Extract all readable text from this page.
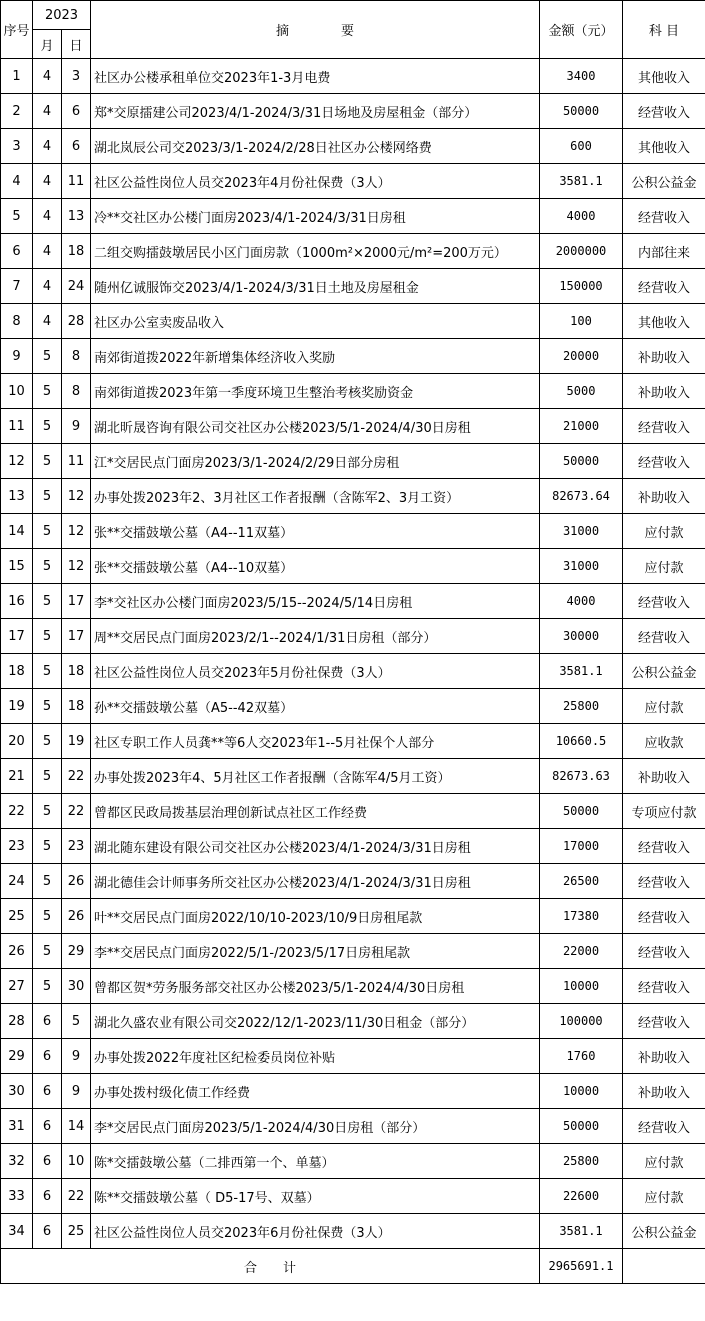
序号	2023		摘　　　　要	金额（元）	科 目
	月	日			
1	4	3	社区办公楼承租单位交2023年1-3月电费	3400	其他收入
2	4	6	郑*交原擂建公司2023/4/1-2024/3/31日场地及房屋租金（部分）	50000	经营收入
3	4	6	湖北岚辰公司交2023/3/1-2024/2/28日社区办公楼网络费	600	其他收入
4	4	11	社区公益性岗位人员交2023年4月份社保费（3人）	3581.1	公积公益金
5	4	13	冷**交社区办公楼门面房2023/4/1-2024/3/31日房租	4000	经营收入
6	4	18	二组交购擂鼓墩居民小区门面房款（1000m²×2000元/m²=200万元）	2000000	内部往来
7	4	24	随州亿诚服饰交2023/4/1-2024/3/31日土地及房屋租金	150000	经营收入
8	4	28	社区办公室卖废品收入	100	其他收入
9	5	8	南郊街道拨2022年新增集体经济收入奖励	20000	补助收入
10	5	8	南郊街道拨2023年第一季度环境卫生整治考核奖励资金	5000	补助收入
11	5	9	湖北昕晟咨询有限公司交社区办公楼2023/5/1-2024/4/30日房租	21000	经营收入
12	5	11	江*交居民点门面房2023/3/1-2024/2/29日部分房租	50000	经营收入
13	5	12	办事处拨2023年2、3月社区工作者报酬（含陈军2、3月工资）	82673.64	补助收入
14	5	12	张**交擂鼓墩公墓（A4--11双墓）	31000	应付款
15	5	12	张**交擂鼓墩公墓（A4--10双墓）	31000	应付款
16	5	17	李*交社区办公楼门面房2023/5/15--2024/5/14日房租	4000	经营收入
17	5	17	周**交居民点门面房2023/2/1--2024/1/31日房租（部分）	30000	经营收入
18	5	18	社区公益性岗位人员交2023年5月份社保费（3人）	3581.1	公积公益金
19	5	18	孙**交擂鼓墩公墓（A5--42双墓）	25800	应付款
20	5	19	社区专职工作人员龚**等6人交2023年1--5月社保个人部分	10660.5	应收款
21	5	22	办事处拨2023年4、5月社区工作者报酬（含陈军4/5月工资）	82673.63	补助收入
22	5	22	曾都区民政局拨基层治理创新试点社区工作经费	50000	专项应付款
23	5	23	湖北随东建设有限公司交社区办公楼2023/4/1-2024/3/31日房租	17000	经营收入
24	5	26	湖北德佳会计师事务所交社区办公楼2023/4/1-2024/3/31日房租	26500	经营收入
25	5	26	叶**交居民点门面房2022/10/10-2023/10/9日房租尾款	17380	经营收入
26	5	29	李**交居民点门面房2022/5/1-/2023/5/17日房租尾款	22000	经营收入
27	5	30	曾都区贺*劳务服务部交社区办公楼2023/5/1-2024/4/30日房租	10000	经营收入
28	6	5	湖北久盛农业有限公司交2022/12/1-2023/11/30日租金（部分）	100000	经营收入
29	6	9	办事处拨2022年度社区纪检委员岗位补贴	1760	补助收入
30	6	9	办事处拨村级化债工作经费	10000	补助收入
31	6	14	李*交居民点门面房2023/5/1-2024/4/30日房租（部分）	50000	经营收入
32	6	10	陈*交擂鼓墩公墓（二排西第一个、单墓）	25800	应付款
33	6	22	陈**交擂鼓墩公墓（ D5-17号、双墓）	22600	应付款
34	6	25	社区公益性岗位人员交2023年6月份社保费（3人）	3581.1	公积公益金
合　　计				2965691.1	
